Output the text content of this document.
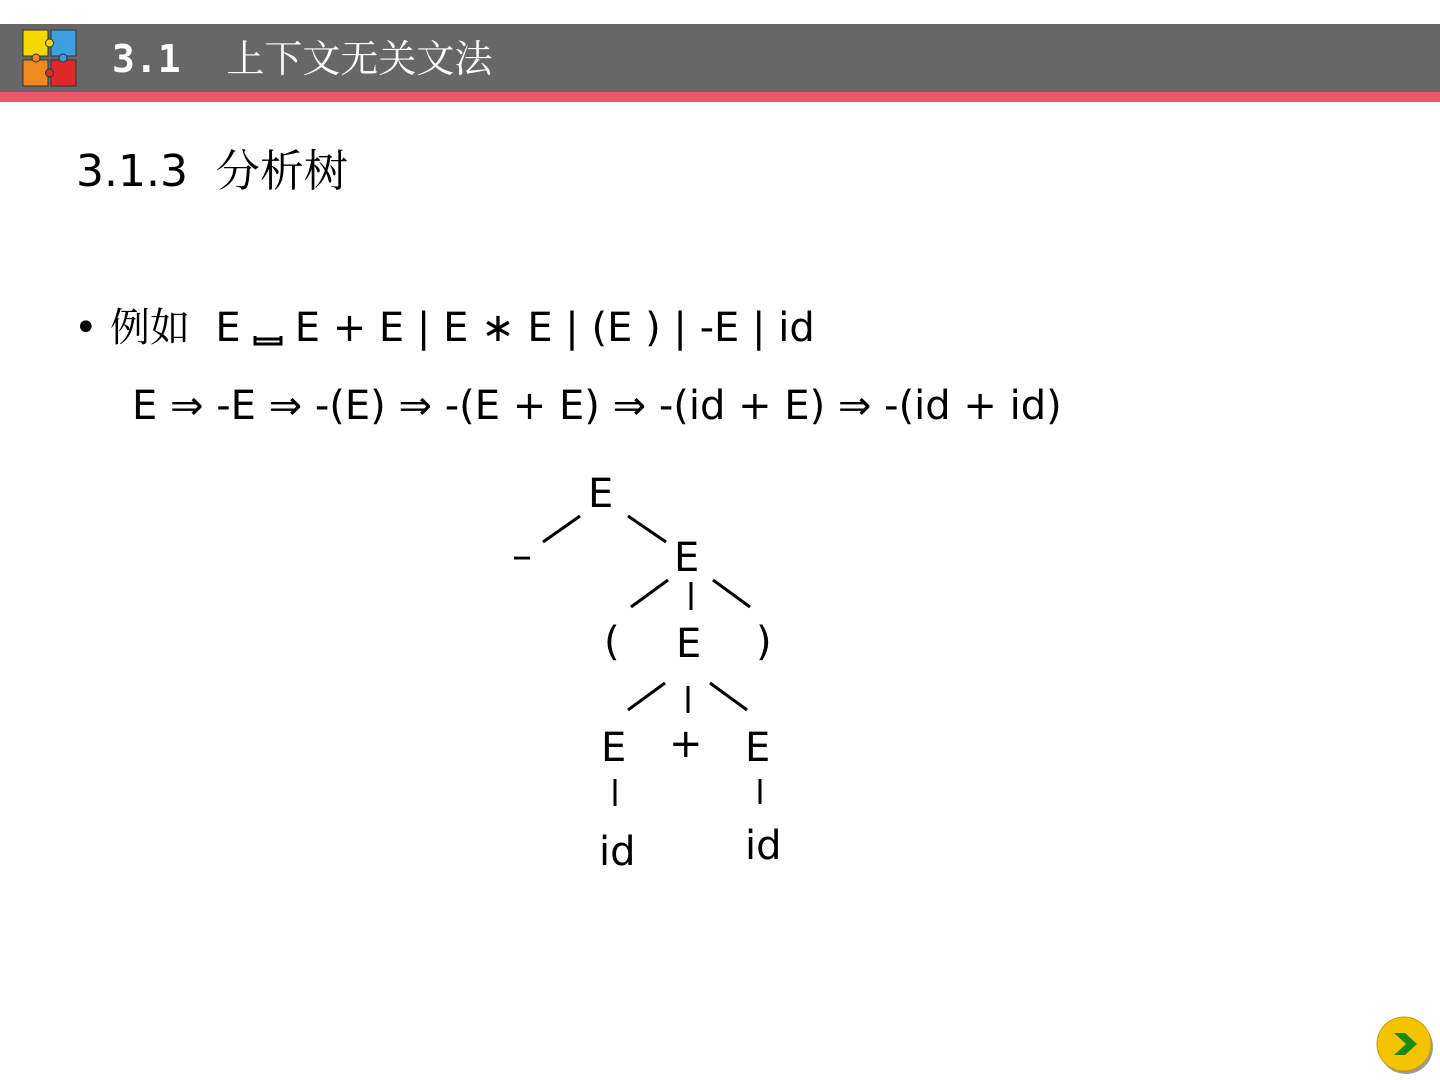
3.1 上下文无关文法
3.1.3  分析树
• 例如  E E + E | E ∗ E | (E ) | -E | id
E ⇒ -E ⇒ -(E) ⇒ -(E + E) ⇒ -(id + E) ⇒ -(id + id)
E
–	E
( E )
E + E
id	id
